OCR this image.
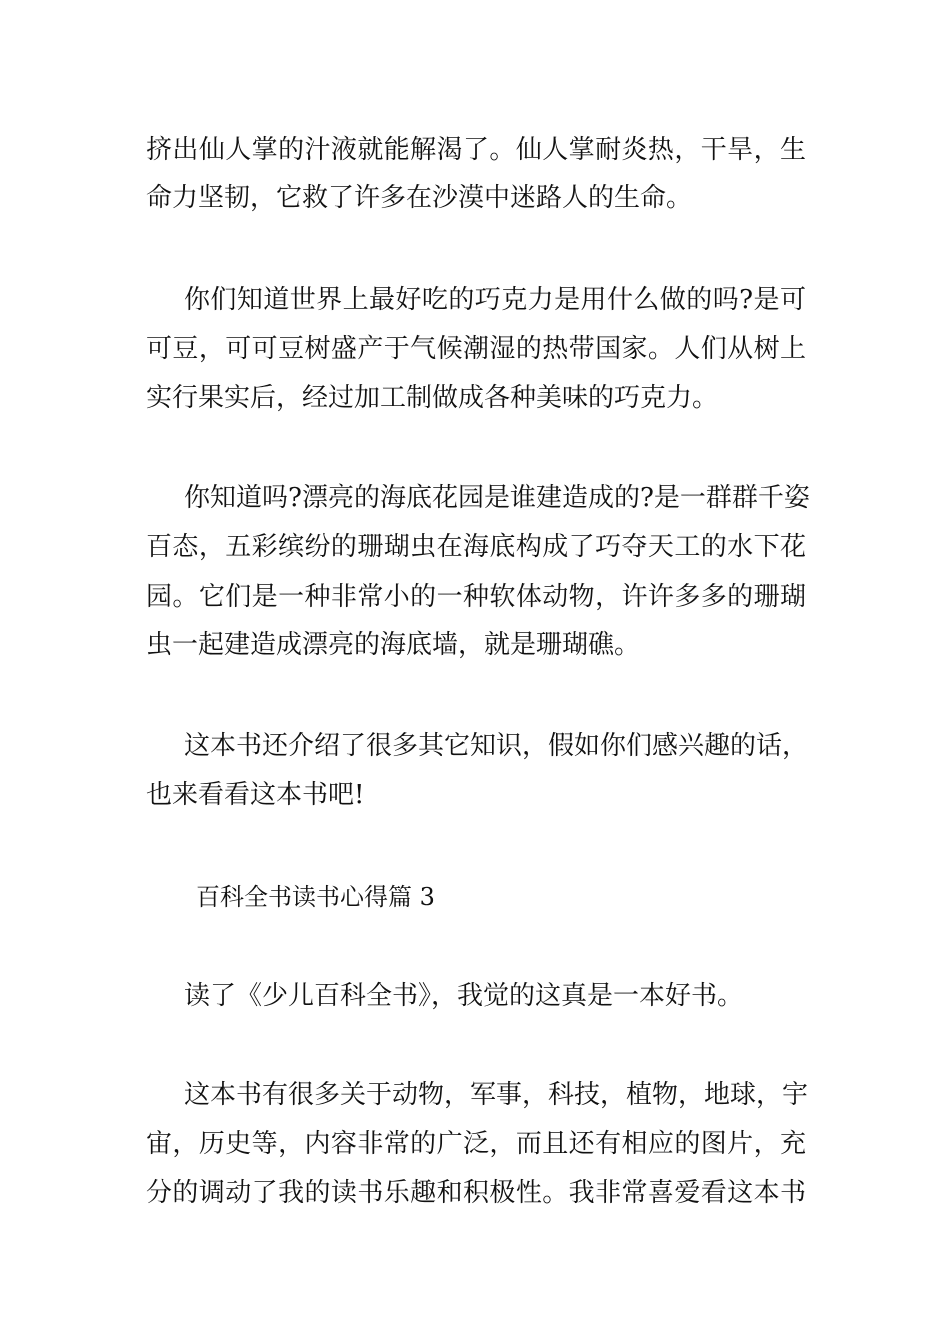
挤出仙人掌的汁液就能解渴了。仙人掌耐炎热，干旱，生
命力坚韧，它救了许多在沙漠中迷路人的生命。
你们知道世界上最好吃的巧克力是用什么做的吗?是可
可豆，可可豆树盛产于气候潮湿的热带国家。人们从树上
实行果实后，经过加工制做成各种美味的巧克力。
你知道吗?漂亮的海底花园是谁建造成的?是一群群千姿
百态，五彩缤纷的珊瑚虫在海底构成了巧夺天工的水下花
园。它们是一种非常小的一种软体动物，许许多多的珊瑚
虫一起建造成漂亮的海底墙，就是珊瑚礁。
这本书还介绍了很多其它知识，假如你们感兴趣的话，
也来看看这本书吧!
百科全书读书心得篇 3
读了《少儿百科全书》，我觉的这真是一本好书。
这本书有很多关于动物，军事，科技，植物，地球，宇
宙，历史等，内容非常的广泛，而且还有相应的图片，充
分的调动了我的读书乐趣和积极性。我非常喜爱看这本书
